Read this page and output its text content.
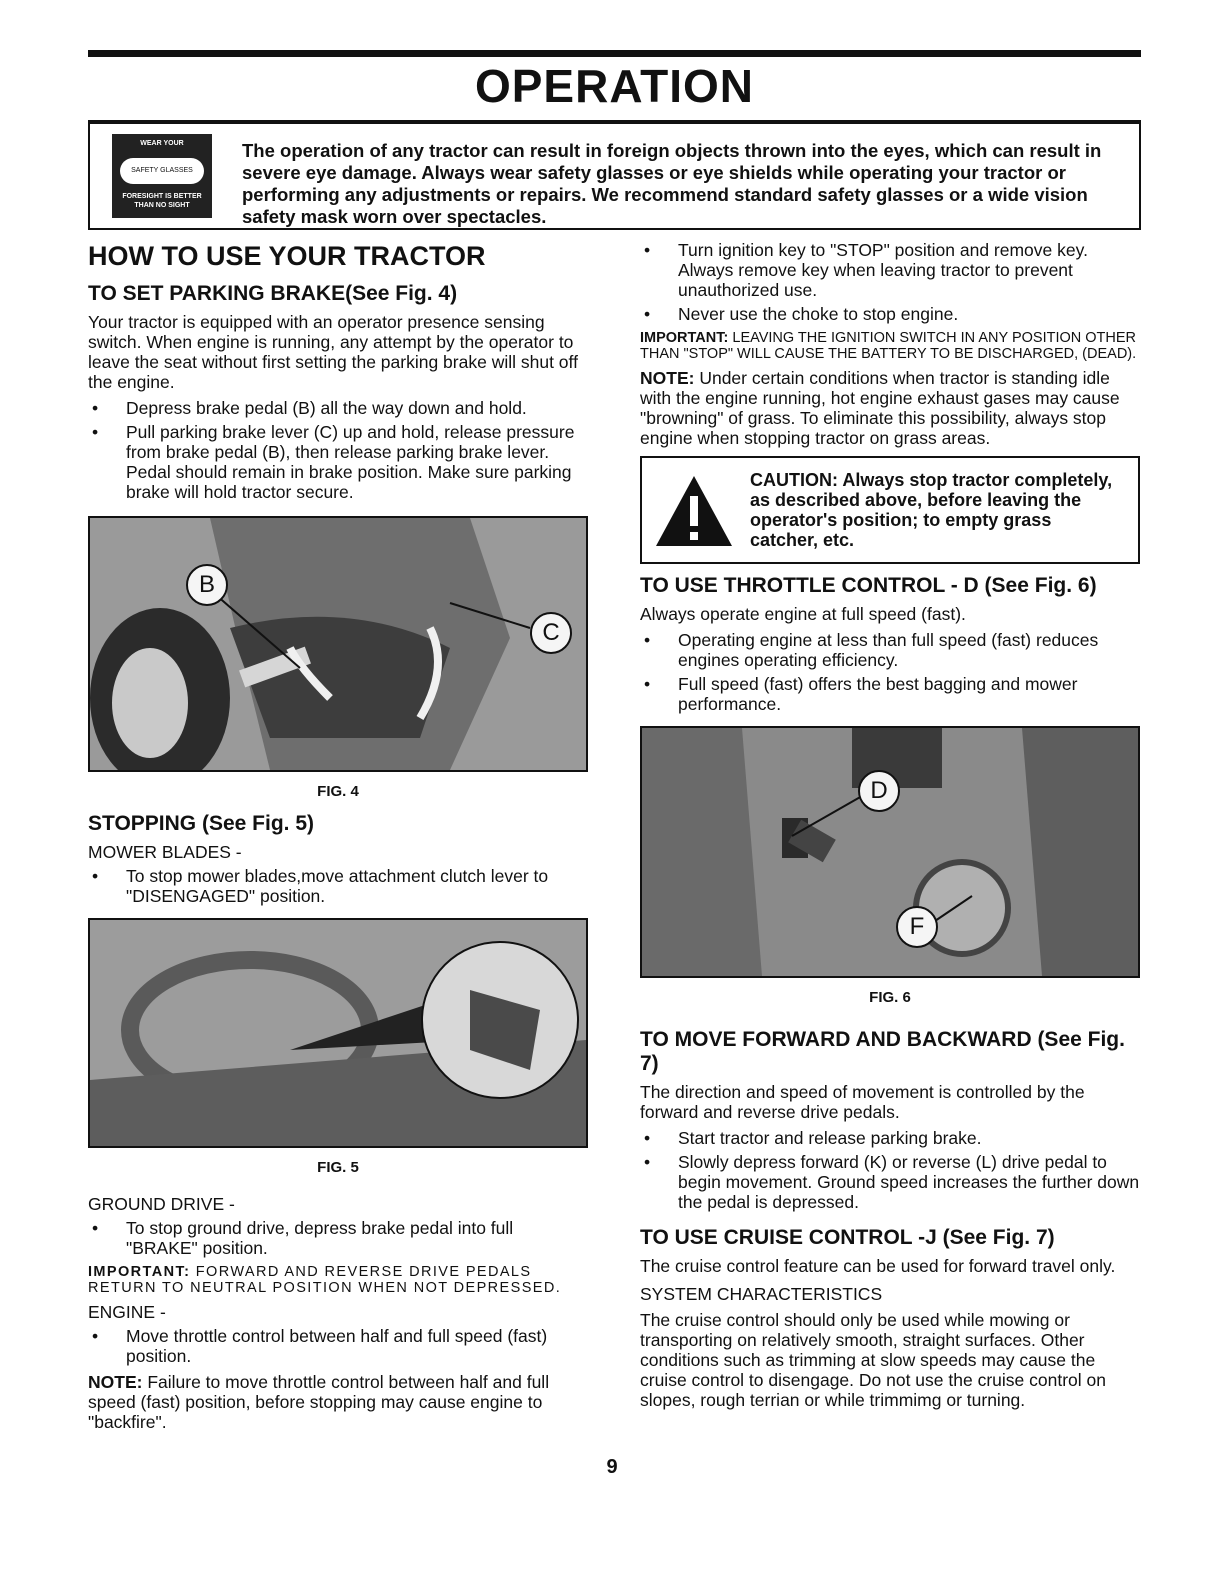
OPERATION
WEAR YOUR
SAFETY GLASSES
FORESIGHT IS BETTER THAN NO SIGHT
The operation of any tractor can result in foreign objects thrown into the eyes, which can result in severe eye damage. Always wear safety glasses or eye shields while operating your tractor or performing any adjustments or repairs. We recommend standard safety glasses or a wide vision safety mask worn over spectacles.
HOW TO USE YOUR TRACTOR
TO SET PARKING BRAKE(See Fig. 4)

Your tractor is equipped with an operator presence sensing switch. When engine is running, any attempt by the operator to leave the seat without first setting the parking brake will shut off the engine.

• Depress brake pedal (B) all the way down and hold.
• Pull parking brake lever (C) up and hold, release pressure from brake pedal (B), then release parking brake lever. Pedal should remain in brake position. Make sure parking brake will hold tractor secure.
B
C
FIG. 4
STOPPING (See Fig. 5)

MOWER BLADES -

• To stop mower blades,move attachment clutch lever to "DISENGAGED" position.
FIG. 5

GROUND DRIVE -

• To stop ground drive, depress brake pedal into full "BRAKE" position.

IMPORTANT: FORWARD AND REVERSE DRIVE PEDALS RETURN TO NEUTRAL POSITION WHEN NOT DEPRESSED.

ENGINE -

• Move throttle control between half and full speed (fast) position.

NOTE: Failure to move throttle control between half and full speed (fast) position, before stopping may cause engine to "backfire".

• Turn ignition key to "STOP" position and remove key. Always remove key when leaving tractor to prevent unauthorized use.
• Never use the choke to stop engine.

IMPORTANT: LEAVING THE IGNITION SWITCH IN ANY POSITION OTHER THAN "STOP" WILL CAUSE THE BATTERY TO BE DISCHARGED, (DEAD).

NOTE: Under certain conditions when tractor is standing idle with the engine running, hot engine exhaust gases may cause "browning" of grass. To eliminate this possibility, always stop engine when stopping tractor on grass areas.

CAUTION: Always stop tractor completely, as described above, before leaving the operator's position; to empty grass catcher, etc.
TO USE THROTTLE CONTROL - D (See Fig. 6)

Always operate engine at full speed (fast).

• Operating engine at less than full speed (fast) reduces engines operating efficiency.
• Full speed (fast) offers the best bagging and mower performance.
D
F
FIG. 6
TO MOVE FORWARD AND BACKWARD (See Fig. 7)

The direction and speed of movement is controlled by the forward and reverse drive pedals.

• Start tractor and release parking brake.
• Slowly depress forward (K) or reverse (L) drive pedal to begin movement. Ground speed increases the further down the pedal is depressed.
TO USE CRUISE CONTROL -J (See Fig. 7)

The cruise control feature can be used for forward travel only.

SYSTEM CHARACTERISTICS

The cruise control should only be used while mowing or transporting on relatively smooth, straight surfaces. Other conditions such as trimming at slow speeds may cause the cruise control to disengage. Do not use the cruise control on slopes, rough terrian or while trimmimg or turning.

9
